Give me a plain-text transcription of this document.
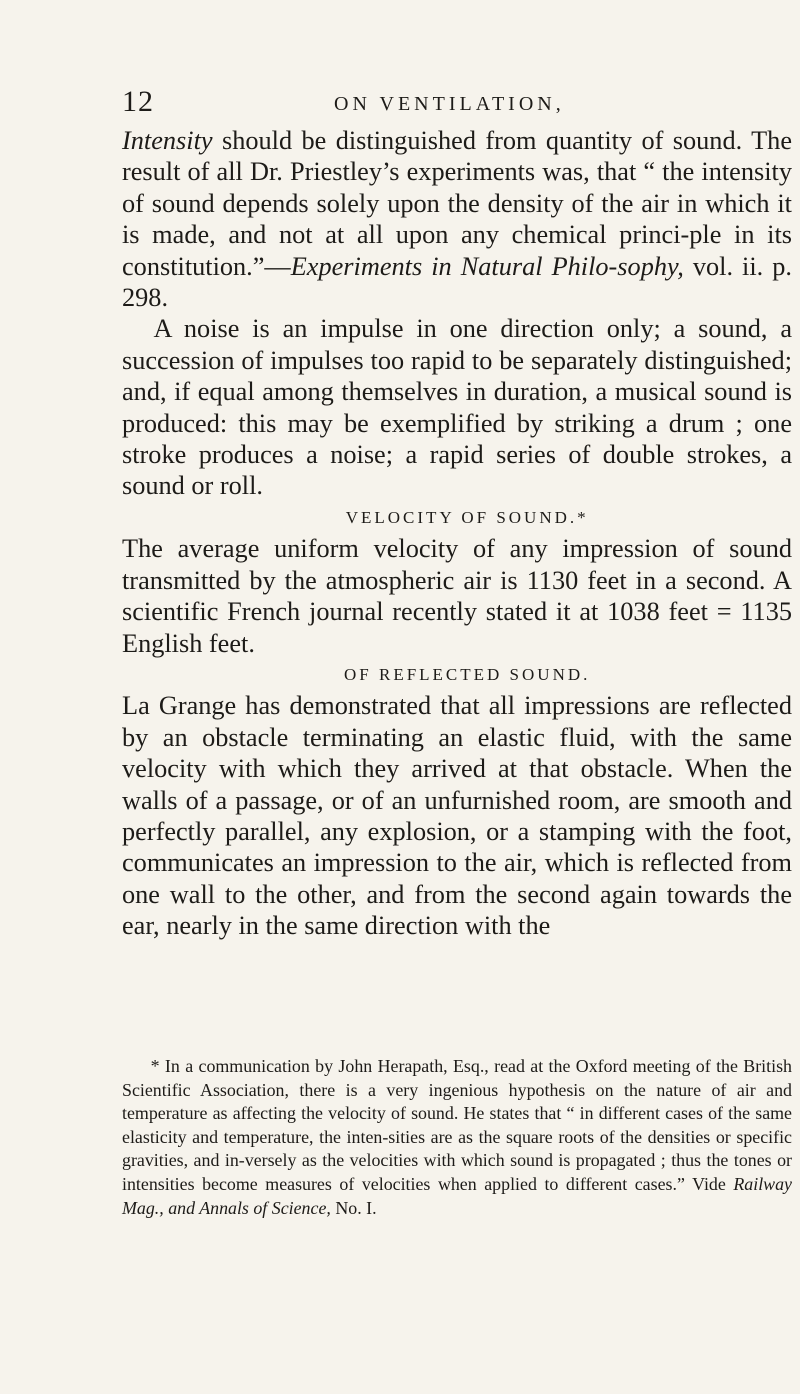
12	ON VENTILATION,

Intensity should be distinguished from quantity of sound. The result of all Dr. Priestley’s experiments was, that “ the intensity of sound depends solely upon the density of the air in which it is made, and not at all upon any chemical princi-ple in its constitution.”—Experiments in Natural Philo-sophy, vol. ii. p. 298.

A noise is an impulse in one direction only; a sound, a succession of impulses too rapid to be separately distinguished; and, if equal among themselves in duration, a musical sound is produced: this may be exemplified by striking a drum ; one stroke produces a noise; a rapid series of double strokes, a sound or roll.

VELOCITY OF SOUND.*

The average uniform velocity of any impression of sound transmitted by the atmospheric air is 1130 feet in a second. A scientific French journal recently stated it at 1038 feet = 1135 English feet.

OF REFLECTED SOUND.

La Grange has demonstrated that all impressions are reflected by an obstacle terminating an elastic fluid, with the same velocity with which they arrived at that obstacle. When the walls of a passage, or of an unfurnished room, are smooth and perfectly parallel, any explosion, or a stamping with the foot, communicates an impression to the air, which is reflected from one wall to the other, and from the second again towards the ear, nearly in the same direction with the

* In a communication by John Herapath, Esq., read at the Oxford meeting of the British Scientific Association, there is a very ingenious hypothesis on the nature of air and temperature as affecting the velocity of sound. He states that “ in different cases of the same elasticity and temperature, the inten-sities are as the square roots of the densities or specific gravities, and in-versely as the velocities with which sound is propagated ; thus the tones or intensities become measures of velocities when applied to different cases.” Vide Railway Mag., and Annals of Science, No. I.
